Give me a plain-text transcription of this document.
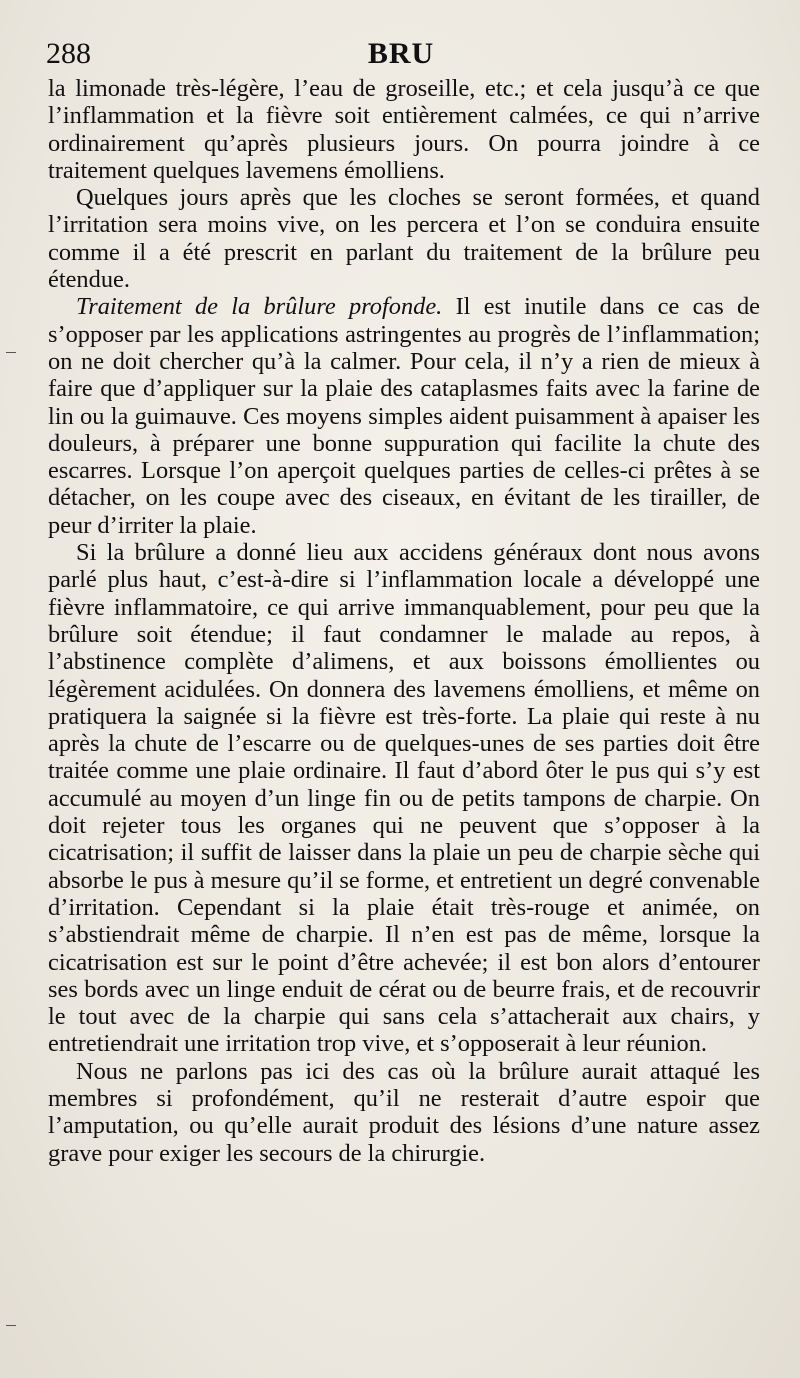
288	BRU

la limonade très-légère, l’eau de groseille, etc.; et cela jusqu’à ce que l’inflammation et la fièvre soit entièrement calmées, ce qui n’arrive ordinairement qu’après plusieurs jours. On pourra joindre à ce traitement quelques lavemens émolliens.

Quelques jours après que les cloches se seront formées, et quand l’irritation sera moins vive, on les percera et l’on se conduira ensuite comme il a été prescrit en parlant du traitement de la brûlure peu étendue.

Traitement de la brûlure profonde. Il est inutile dans ce cas de s’opposer par les applications astringentes au progrès de l’inflammation; on ne doit chercher qu’à la calmer. Pour cela, il n’y a rien de mieux à faire que d’appliquer sur la plaie des cataplasmes faits avec la farine de lin ou la guimauve. Ces moyens simples aident puisamment à apaiser les douleurs, à préparer une bonne suppuration qui facilite la chute des escarres. Lorsque l’on aperçoit quelques parties de celles-ci prêtes à se détacher, on les coupe avec des ciseaux, en évitant de les tirailler, de peur d’irriter la plaie.

Si la brûlure a donné lieu aux accidens généraux dont nous avons parlé plus haut, c’est-à-dire si l’inflammation locale a développé une fièvre inflammatoire, ce qui arrive immanquablement, pour peu que la brûlure soit étendue; il faut condamner le malade au repos, à l’abstinence complète d’alimens, et aux boissons émollientes ou légèrement acidulées. On donnera des lavemens émolliens, et même on pratiquera la saignée si la fièvre est très-forte. La plaie qui reste à nu après la chute de l’escarre ou de quelques-unes de ses parties doit être traitée comme une plaie ordinaire. Il faut d’abord ôter le pus qui s’y est accumulé au moyen d’un linge fin ou de petits tampons de charpie. On doit rejeter tous les organes qui ne peuvent que s’opposer à la cicatrisation; il suffit de laisser dans la plaie un peu de charpie sèche qui absorbe le pus à mesure qu’il se forme, et entretient un degré convenable d’irritation. Cependant si la plaie était très-rouge et animée, on s’abstiendrait même de charpie. Il n’en est pas de même, lorsque la cicatrisation est sur le point d’être achevée; il est bon alors d’entourer ses bords avec un linge enduit de cérat ou de beurre frais, et de recouvrir le tout avec de la charpie qui sans cela s’attacherait aux chairs, y entretiendrait une irritation trop vive, et s’opposerait à leur réunion.

Nous ne parlons pas ici des cas où la brûlure aurait attaqué les membres si profondément, qu’il ne resterait d’autre espoir que l’amputation, ou qu’elle aurait produit des lésions d’une nature assez grave pour exiger les secours de la chirurgie.
